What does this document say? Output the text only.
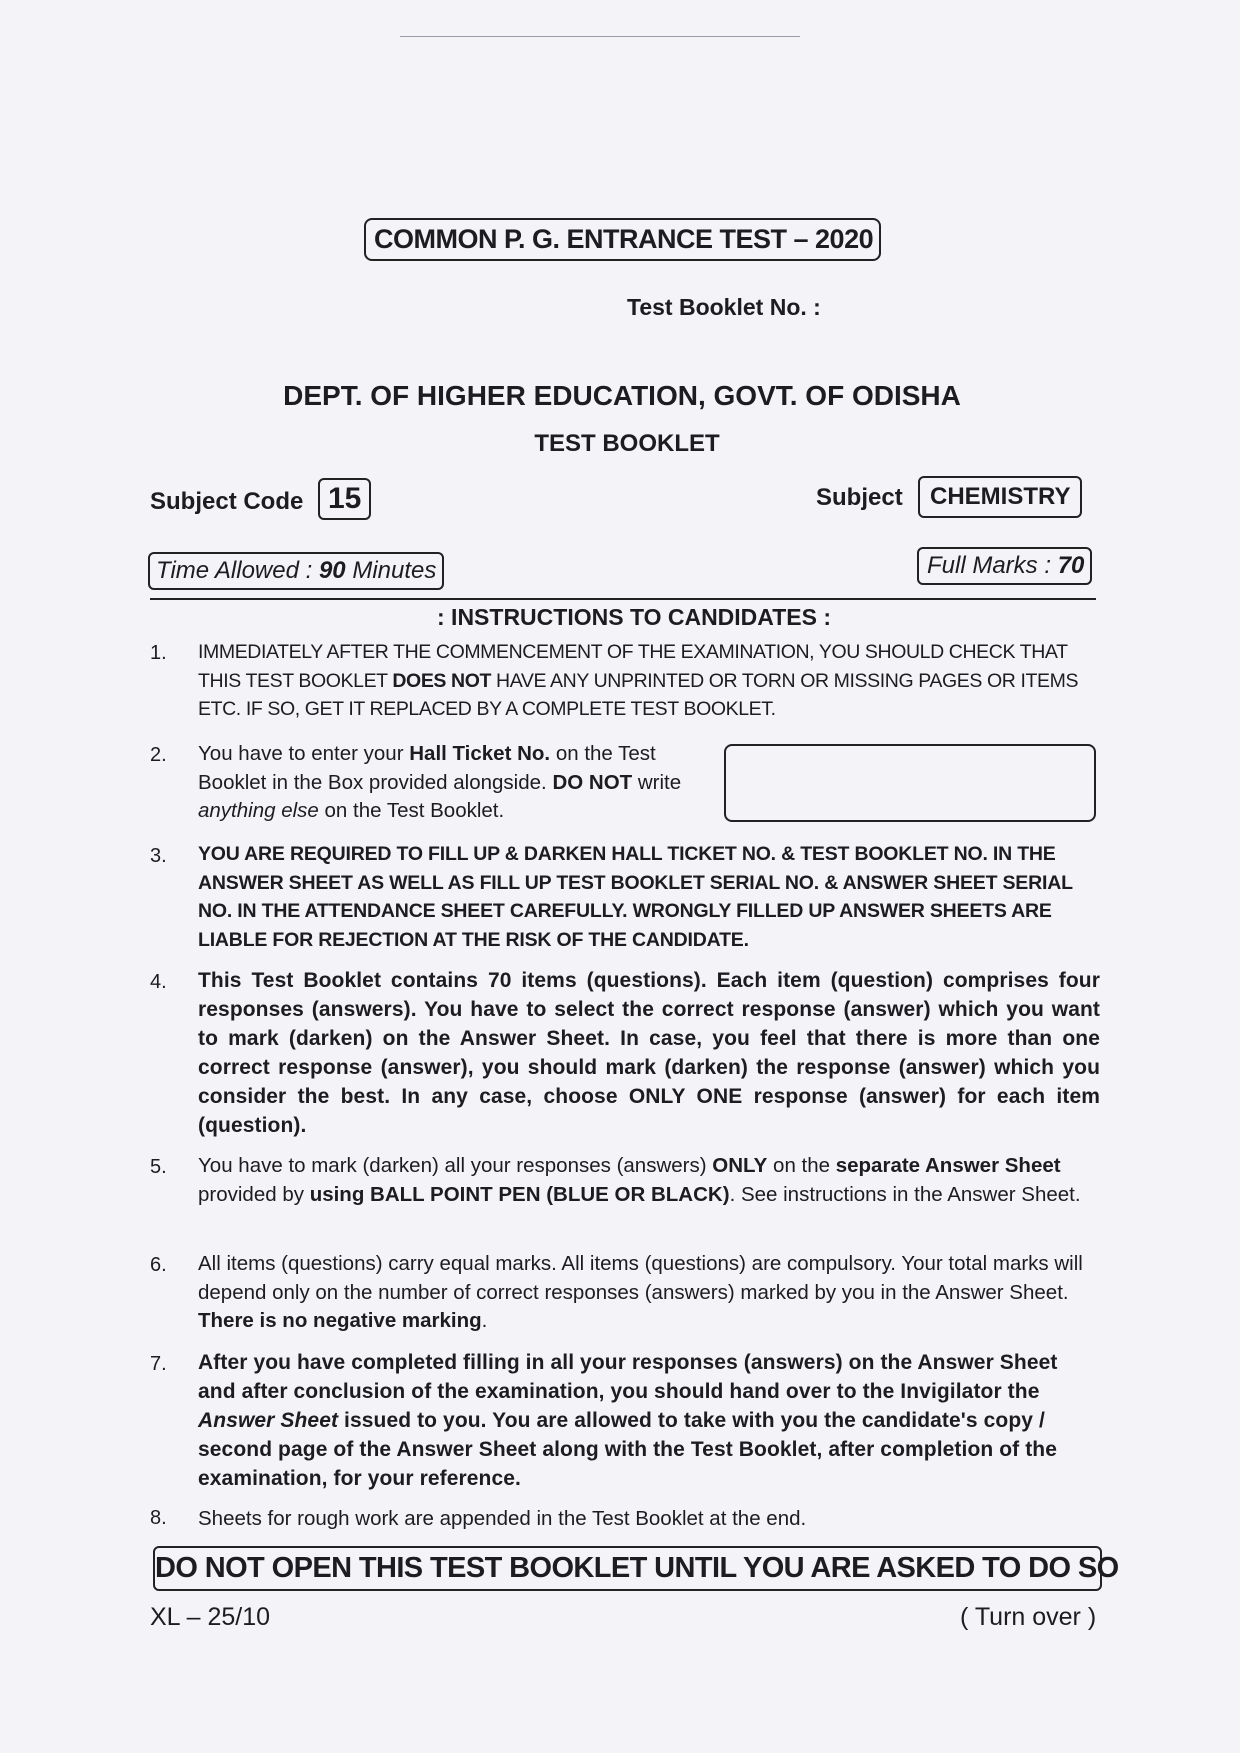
COMMON P. G. ENTRANCE TEST – 2020
Test Booklet No. :
DEPT. OF HIGHER EDUCATION, GOVT. OF ODISHA
TEST BOOKLET
Subject Code 15	Subject	CHEMISTRY
Time Allowed : 90 Minutes	Full Marks : 70
: INSTRUCTIONS TO CANDIDATES :
1. IMMEDIATELY AFTER THE COMMENCEMENT OF THE EXAMINATION, YOU SHOULD CHECK THAT THIS TEST BOOKLET DOES NOT HAVE ANY UNPRINTED OR TORN OR MISSING PAGES OR ITEMS ETC. IF SO, GET IT REPLACED BY A COMPLETE TEST BOOKLET.
2. You have to enter your Hall Ticket No. on the Test Booklet in the Box provided alongside. DO NOT write anything else on the Test Booklet.
3. YOU ARE REQUIRED TO FILL UP & DARKEN HALL TICKET NO. & TEST BOOKLET NO. IN THE ANSWER SHEET AS WELL AS FILL UP TEST BOOKLET SERIAL NO. & ANSWER SHEET SERIAL NO. IN THE ATTENDANCE SHEET CAREFULLY. WRONGLY FILLED UP ANSWER SHEETS ARE LIABLE FOR REJECTION AT THE RISK OF THE CANDIDATE.
4. This Test Booklet contains 70 items (questions). Each item (question) comprises four responses (answers). You have to select the correct response (answer) which you want to mark (darken) on the Answer Sheet. In case, you feel that there is more than one correct response (answer), you should mark (darken) the response (answer) which you consider the best. In any case, choose ONLY ONE response (answer) for each item (question).
5. You have to mark (darken) all your responses (answers) ONLY on the separate Answer Sheet provided by using BALL POINT PEN (BLUE OR BLACK). See instructions in the Answer Sheet.
6. All items (questions) carry equal marks. All items (questions) are compulsory. Your total marks will depend only on the number of correct responses (answers) marked by you in the Answer Sheet. There is no negative marking.
7. After you have completed filling in all your responses (answers) on the Answer Sheet and after conclusion of the examination, you should hand over to the Invigilator the Answer Sheet issued to you. You are allowed to take with you the candidate's copy / second page of the Answer Sheet along with the Test Booklet, after completion of the examination, for your reference.
8. Sheets for rough work are appended in the Test Booklet at the end.
DO NOT OPEN THIS TEST BOOKLET UNTIL YOU ARE ASKED TO DO SO
XL – 25/10	( Turn over )
